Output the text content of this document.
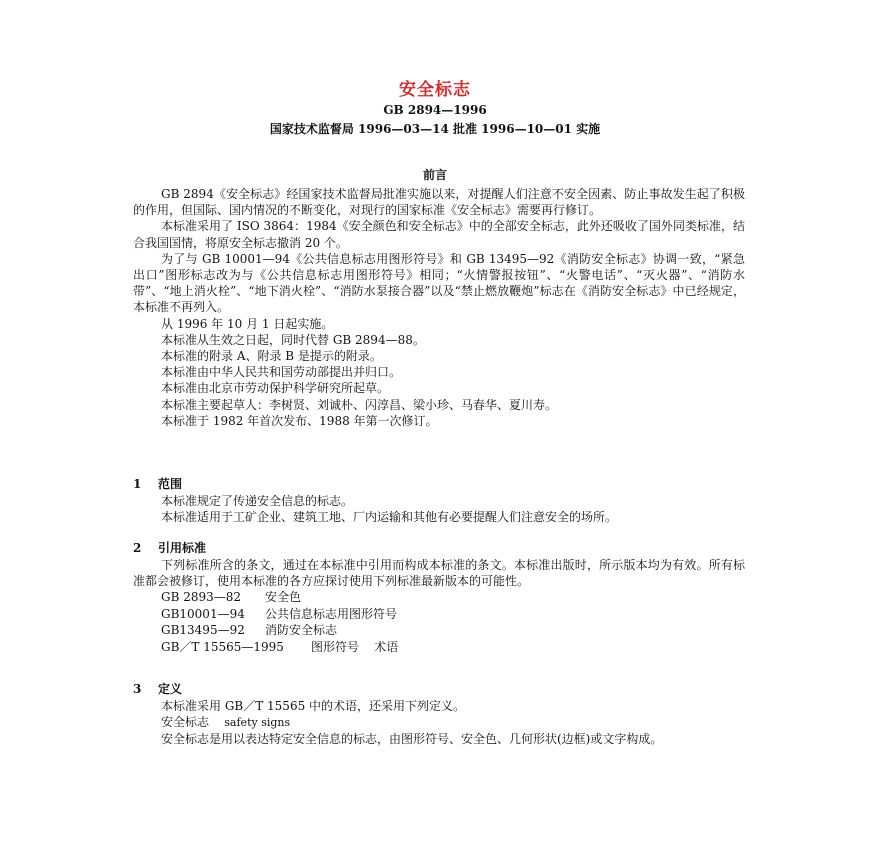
安全标志
GB 2894—1996
国家技术监督局 1996—03—14 批准 1996—10—01 实施
前言

GB 2894《安全标志》经国家技术监督局批准实施以来，对提醒人们注意不安全因素、防止事故发生起了积极的作用，但国际、国内情况的不断变化，对现行的国家标准《安全标志》需要再行修订。

本标准采用了 ISO 3864：1984《安全颜色和安全标志》中的全部安全标志，此外还吸收了国外同类标准，结合我国国情，将原安全标志撤消 20 个。

为了与 GB 10001—94《公共信息标志用图形符号》和 GB 13495—92《消防安全标志》协调一致，“紧急出口”图形标志改为与《公共信息标志用图形符号》相同；“火情警报按钮”、“火警电话”、“灭火器”、“消防水带”、“地上消火栓”、“地下消火栓”、“消防水泵接合器”以及“禁止燃放鞭炮”标志在《消防安全标志》中已经规定，本标准不再列入。

从 1996 年 10 月 1 日起实施。

本标准从生效之日起，同时代替 GB 2894—88。

本标准的附录 A、附录 B 是提示的附录。

本标准由中华人民共和国劳动部提出并归口。

本标准由北京市劳动保护科学研究所起草。

本标准主要起草人：李树贤、刘诚朴、闪淳昌、梁小珍、马春华、夏川寿。

本标准于 1982 年首次发布、1988 年第一次修订。

1 范围

本标准规定了传递安全信息的标志。

本标准适用于工矿企业、建筑工地、厂内运输和其他有必要提醒人们注意安全的场所。

2 引用标准

下列标准所含的条文，通过在本标准中引用而构成本标准的条文。本标准出版时，所示版本均为有效。所有标准都会被修订，使用本标准的各方应探讨使用下列标准最新版本的可能性。

GB 2893—82 安全色

GB10001—94 公共信息标志用图形符号

GB13495—92 消防安全标志

GB／T 15565—1995 图形符号    术语

3 定义

本标准采用 GB／T 15565 中的术语，还采用下列定义。

安全标志 safety signs

安全标志是用以表达特定安全信息的标志，由图形符号、安全色、几何形状(边框)或文字构成。
